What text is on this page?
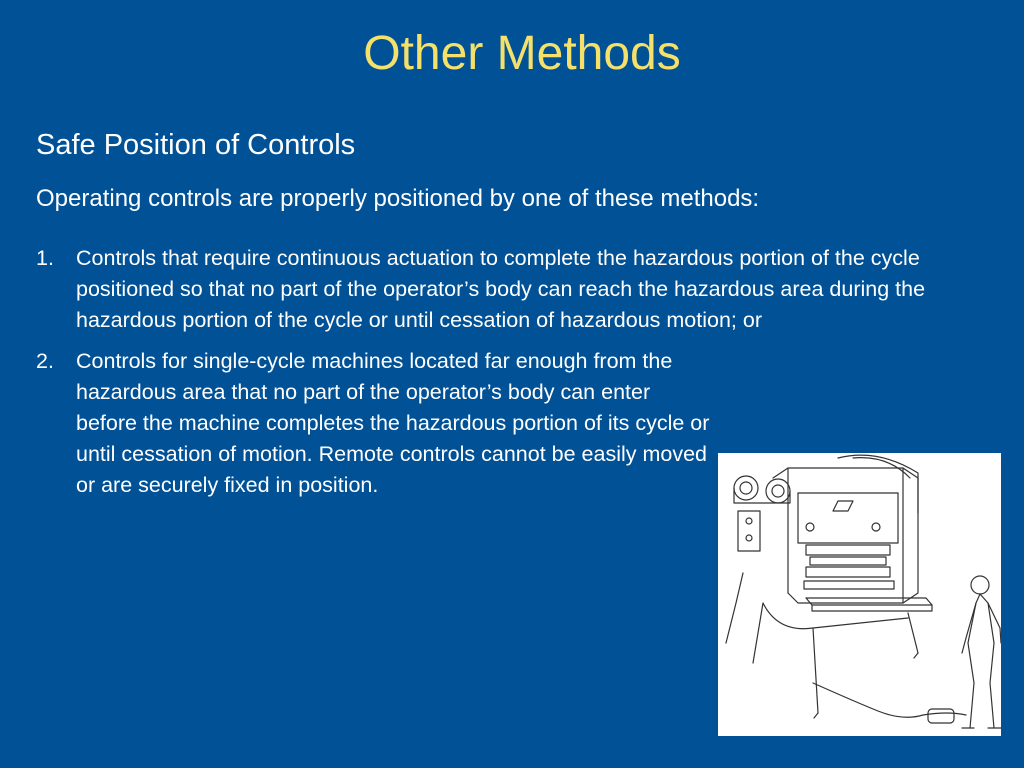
Other Methods
Safe Position of Controls
Operating controls are properly positioned by one of these methods:
1.	Controls that require continuous actuation to complete the hazardous portion of the cycle positioned so that no part of the operator’s body can reach the hazardous area during the hazardous portion of the cycle or until cessation of hazardous motion; or
2.	Controls for single-cycle machines located far enough from the hazardous area that no part of the operator’s body can enter before the machine completes the hazardous portion of its cycle or until cessation of motion. Remote controls cannot be easily moved or are securely fixed in position.
